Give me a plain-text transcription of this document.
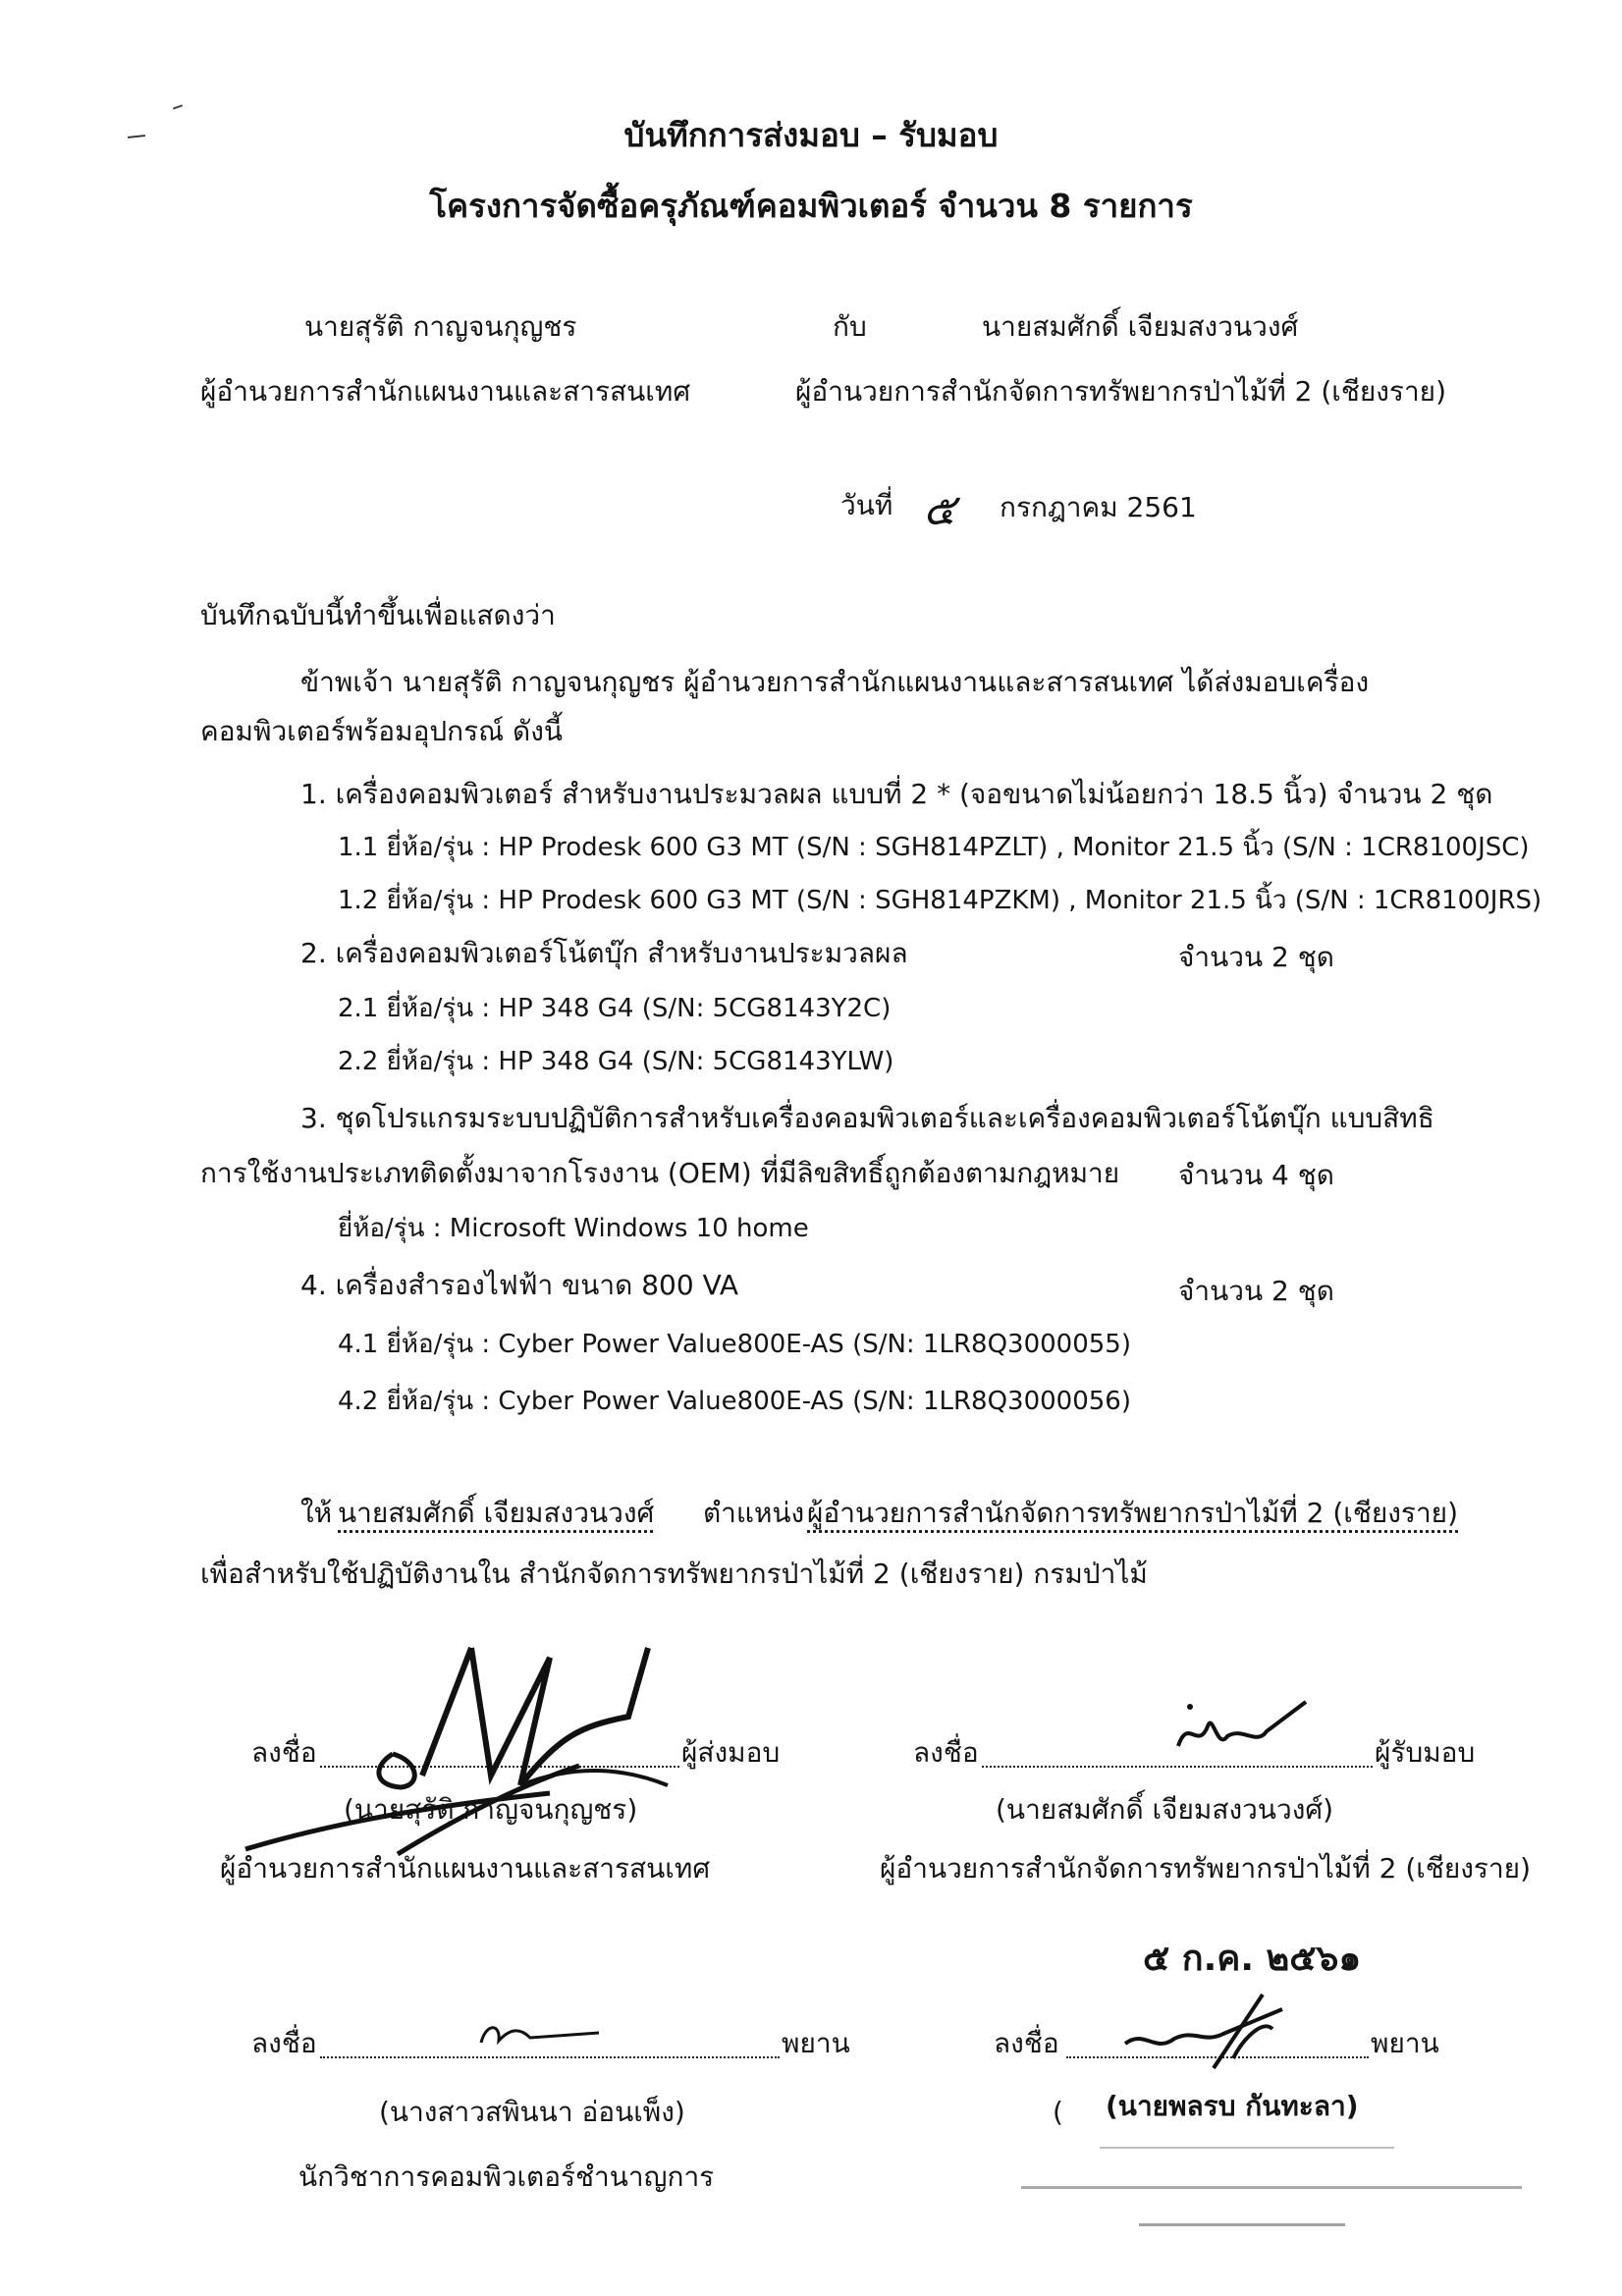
บันทึกการส่งมอบ – รับมอบ
โครงการจัดซื้อครุภัณฑ์คอมพิวเตอร์ จำนวน 8 รายการ
นายสุรัติ กาญจนกุญชร	กับ	นายสมศักดิ์ เจียมสงวนวงศ์
ผู้อำนวยการสำนักแผนงานและสารสนเทศ	ผู้อำนวยการสำนักจัดการทรัพยากรป่าไม้ที่ 2 (เชียงราย)
วันที่ ๕ กรกฎาคม 2561
บันทึกฉบับนี้ทำขึ้นเพื่อแสดงว่า
ข้าพเจ้า นายสุรัติ กาญจนกุญชร ผู้อำนวยการสำนักแผนงานและสารสนเทศ ได้ส่งมอบเครื่อง
คอมพิวเตอร์พร้อมอุปกรณ์ ดังนี้
1. เครื่องคอมพิวเตอร์ สำหรับงานประมวลผล แบบที่ 2 * (จอขนาดไม่น้อยกว่า 18.5 นิ้ว) จำนวน 2 ชุด
1.1 ยี่ห้อ/รุ่น : HP Prodesk 600 G3 MT (S/N : SGH814PZLT) , Monitor 21.5 นิ้ว (S/N : 1CR8100JSC)
1.2 ยี่ห้อ/รุ่น : HP Prodesk 600 G3 MT (S/N : SGH814PZKM) , Monitor 21.5 นิ้ว (S/N : 1CR8100JRS)
2. เครื่องคอมพิวเตอร์โน้ตบุ๊ก สำหรับงานประมวลผล	จำนวน 2 ชุด
2.1 ยี่ห้อ/รุ่น : HP 348 G4 (S/N: 5CG8143Y2C)
2.2 ยี่ห้อ/รุ่น : HP 348 G4 (S/N: 5CG8143YLW)
3. ชุดโปรแกรมระบบปฏิบัติการสำหรับเครื่องคอมพิวเตอร์และเครื่องคอมพิวเตอร์โน้ตบุ๊ก แบบสิทธิ
การใช้งานประเภทติดตั้งมาจากโรงงาน (OEM) ที่มีลิขสิทธิ์ถูกต้องตามกฎหมาย จำนวน 4 ชุด
ยี่ห้อ/รุ่น : Microsoft Windows 10 home
4. เครื่องสำรองไฟฟ้า ขนาด 800 VA	จำนวน 2 ชุด
4.1 ยี่ห้อ/รุ่น : Cyber Power Value800E-AS (S/N: 1LR8Q3000055)
4.2 ยี่ห้อ/รุ่น : Cyber Power Value800E-AS (S/N: 1LR8Q3000056)
ให้ นายสมศักดิ์ เจียมสงวนวงศ์ ตำแหน่ง ผู้อำนวยการสำนักจัดการทรัพยากรป่าไม้ที่ 2 (เชียงราย)
เพื่อสำหรับใช้ปฏิบัติงานใน สำนักจัดการทรัพยากรป่าไม้ที่ 2 (เชียงราย) กรมป่าไม้
ลงชื่อ	ผู้ส่งมอบ
(นายสุรัติ กาญจนกุญชร)
ผู้อำนวยการสำนักแผนงานและสารสนเทศ
ลงชื่อ	ผู้รับมอบ
(นายสมศักดิ์ เจียมสงวนวงศ์)
ผู้อำนวยการสำนักจัดการทรัพยากรป่าไม้ที่ 2 (เชียงราย)
๕ ก.ค. ๒๕๖๑
ลงชื่อ	พยาน
(นางสาวสพินนา อ่อนเพ็ง)
นักวิชาการคอมพิวเตอร์ชำนาญการ
ลงชื่อ	พยาน
( (นายพลรบ กันทะลา)
